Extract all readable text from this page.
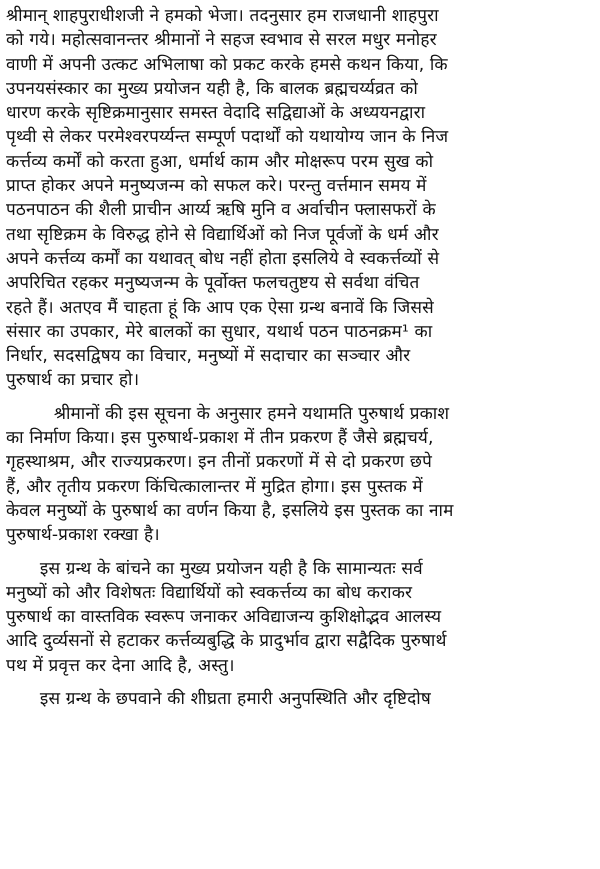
श्रीमान् शाहपुराधीशजी ने हमको भेजा। तदनुसार हम राजधानी शाहपुरा
को गये। महोत्सवानन्तर श्रीमानों ने सहज स्वभाव से सरल मधुर मनोहर
वाणी में अपनी उत्कट अभिलाषा को प्रकट करके हमसे कथन किया, कि
उपनयसंस्कार का मुख्य प्रयोजन यही है, कि बालक ब्रह्मचर्य्यव्रत को
धारण करके सृष्टिक्रमानुसार समस्त वेदादि सद्विद्याओं के अध्ययनद्वारा
पृथ्वी से लेकर परमेश्वरपर्य्यन्त सम्पूर्ण पदार्थों को यथायोग्य जान के निज
कर्त्तव्य कर्मों को करता हुआ, धर्मार्थ काम और मोक्षरूप परम सुख को
प्राप्त होकर अपने मनुष्यजन्म को सफल करे। परन्तु वर्त्तमान समय में
पठनपाठन की शैली प्राचीन आर्य्य ऋषि मुनि व अर्वाचीन फ्लासफरों के
तथा सृष्टिक्रम के विरुद्ध होने से विद्यार्थिओं को निज पूर्वजों के धर्म और
अपने कर्त्तव्य कर्मों का यथावत् बोध नहीं होता इसलिये वे स्वकर्त्तव्यों से
अपरिचित रहकर मनुष्यजन्म के पूर्वोक्त फलचतुष्टय से सर्वथा वंचित
रहते हैं। अतएव मैं चाहता हूं कि आप एक ऐसा ग्रन्थ बनावें कि जिससे
संसार का उपकार, मेरे बालकों का सुधार, यथार्थ पठन पाठनक्रम¹ का
निर्धार, सदसद्विषय का विचार, मनुष्यों में सदाचार का सञ्चार और
पुरुषार्थ का प्रचार हो।
श्रीमानों की इस सूचना के अनुसार हमने यथामति पुरुषार्थ प्रकाश
का निर्माण किया। इस पुरुषार्थ-प्रकाश में तीन प्रकरण हैं जैसे ब्रह्मचर्य,
गृहस्थाश्रम, और राज्यप्रकरण। इन तीनों प्रकरणों में से दो प्रकरण छपे
हैं, और तृतीय प्रकरण किंचित्कालान्तर में मुद्रित होगा। इस पुस्तक में
केवल मनुष्यों के पुरुषार्थ का वर्णन किया है, इसलिये इस पुस्तक का नाम
पुरुषार्थ-प्रकाश रक्खा है।
इस ग्रन्थ के बांचने का मुख्य प्रयोजन यही है कि सामान्यतः सर्व
मनुष्यों को और विशेषतः विद्यार्थियों को स्वकर्त्तव्य का बोध कराकर
पुरुषार्थ का वास्तविक स्वरूप जनाकर अविद्याजन्य कुशिक्षोद्भव आलस्य
आदि दुर्व्यसनों से हटाकर कर्त्तव्यबुद्धि के प्रादुर्भाव द्वारा सद्वैदिक पुरुषार्थ
पथ में प्रवृत्त कर देना आदि है, अस्तु।
इस ग्रन्थ के छपवाने की शीघ्रता हमारी अनुपस्थिति और दृष्टिदोष
